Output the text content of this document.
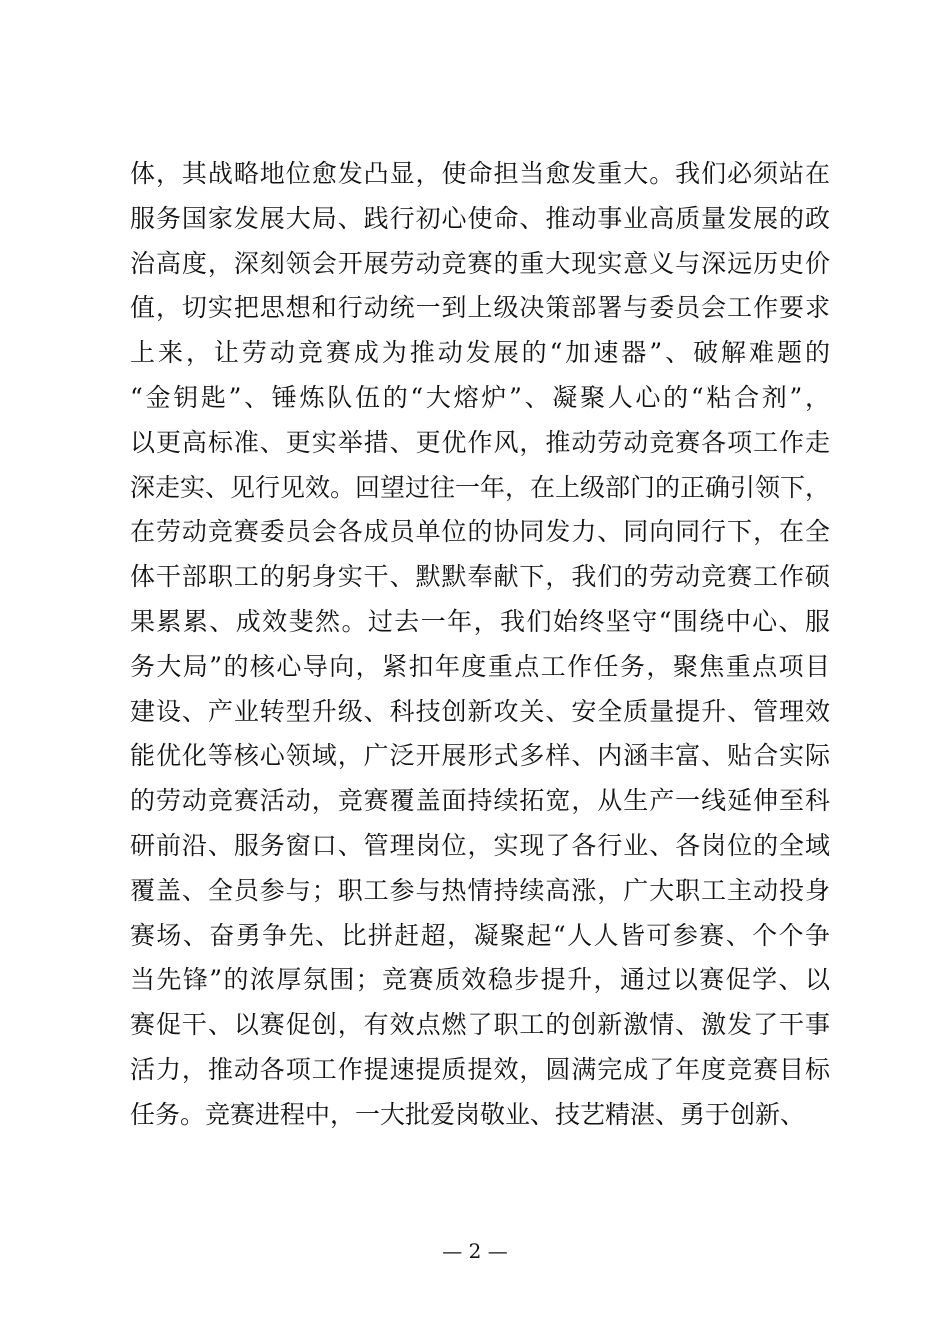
体，其战略地位愈发凸显，使命担当愈发重大。我们必须站在
服务国家发展大局、践行初心使命、推动事业高质量发展的政
治高度，深刻领会开展劳动竞赛的重大现实意义与深远历史价
值，切实把思想和行动统一到上级决策部署与委员会工作要求
上来，让劳动竞赛成为推动发展的“加速器”、破解难题的
“金钥匙”、锤炼队伍的“大熔炉”、凝聚人心的“粘合剂”，
以更高标准、更实举措、更优作风，推动劳动竞赛各项工作走
深走实、见行见效。回望过往一年，在上级部门的正确引领下，
在劳动竞赛委员会各成员单位的协同发力、同向同行下，在全
体干部职工的躬身实干、默默奉献下，我们的劳动竞赛工作硕
果累累、成效斐然。过去一年，我们始终坚守“围绕中心、服
务大局”的核心导向，紧扣年度重点工作任务，聚焦重点项目
建设、产业转型升级、科技创新攻关、安全质量提升、管理效
能优化等核心领域，广泛开展形式多样、内涵丰富、贴合实际
的劳动竞赛活动，竞赛覆盖面持续拓宽，从生产一线延伸至科
研前沿、服务窗口、管理岗位，实现了各行业、各岗位的全域
覆盖、全员参与；职工参与热情持续高涨，广大职工主动投身
赛场、奋勇争先、比拼赶超，凝聚起“人人皆可参赛、个个争
当先锋”的浓厚氛围；竞赛质效稳步提升，通过以赛促学、以
赛促干、以赛促创，有效点燃了职工的创新激情、激发了干事
活力，推动各项工作提速提质提效，圆满完成了年度竞赛目标
任务。竞赛进程中，一大批爱岗敬业、技艺精湛、勇于创新、
— 2 —
